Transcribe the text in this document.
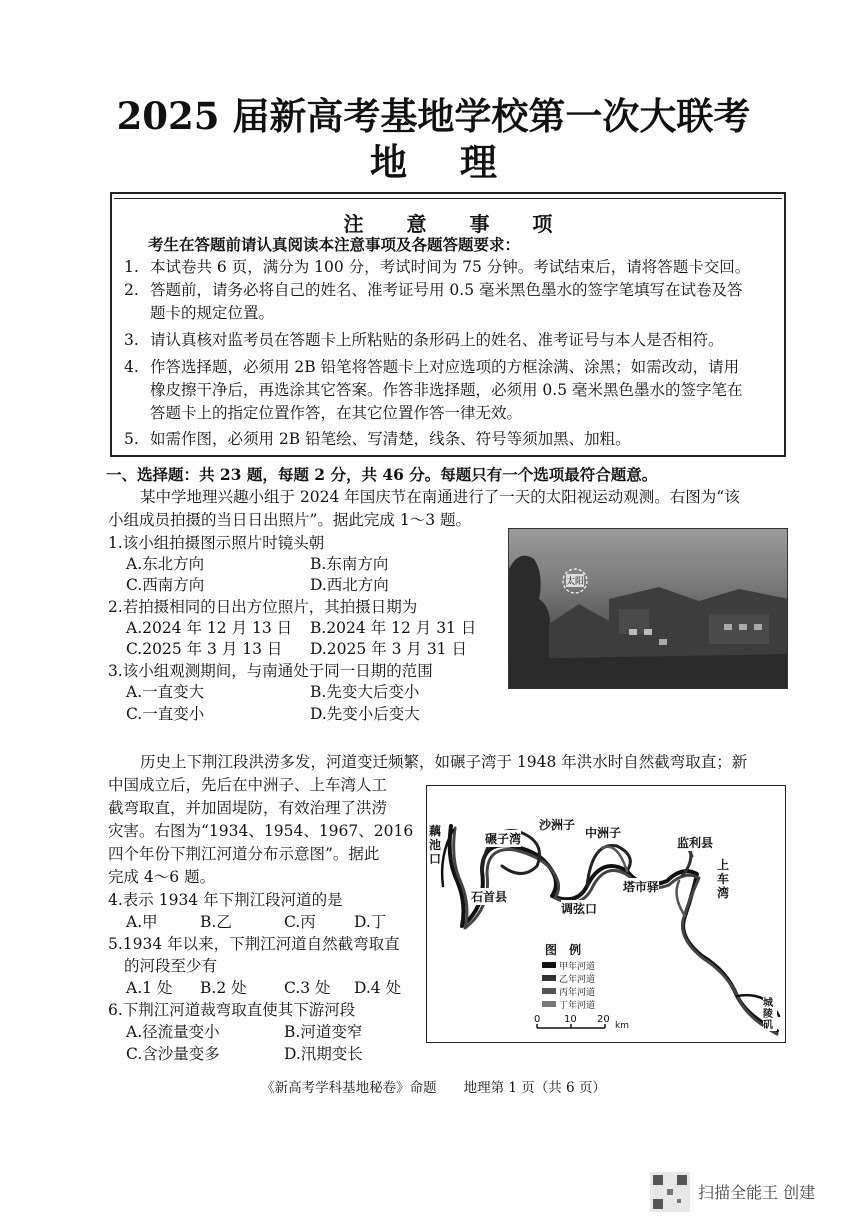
2025 届新高考基地学校第一次大联考
地 理
注 意 事 项
考生在答题前请认真阅读本注意事项及各题答题要求：
1. 本试卷共 6 页，满分为 100 分，考试时间为 75 分钟。考试结束后，请将答题卡交回。
2. 答题前，请务必将自己的姓名、准考证号用 0.5 毫米黑色墨水的签字笔填写在试卷及答
题卡的规定位置。
3. 请认真核对监考员在答题卡上所粘贴的条形码上的姓名、准考证号与本人是否相符。
4. 作答选择题，必须用 2B 铅笔将答题卡上对应选项的方框涂满、涂黑；如需改动，请用
橡皮擦干净后，再选涂其它答案。作答非选择题，必须用 0.5 毫米黑色墨水的签字笔在
答题卡上的指定位置作答，在其它位置作答一律无效。
5. 如需作图，必须用 2B 铅笔绘、写清楚，线条、符号等须加黑、加粗。
一、选择题：共 23 题，每题 2 分，共 46 分。每题只有一个选项最符合题意。
某中学地理兴趣小组于 2024 年国庆节在南通进行了一天的太阳视运动观测。右图为“该
小组成员拍摄的当日日出照片”。据此完成 1～3 题。
1.该小组拍摄图示照片时镜头朝
A.东北方向	B.东南方向
C.西南方向	D.西北方向
2.若拍摄相同的日出方位照片，其拍摄日期为
A.2024 年 12 月 13 日 B.2024 年 12 月 31 日
C.2025 年 3 月 13 日 D.2025 年 3 月 31 日
3.该小组观测期间，与南通处于同一日期的范围
A.一直变大	B.先变大后变小
C.一直变小	D.先变小后变大
太阳
历史上下荆江段洪涝多发，河道变迁频繁，如碾子湾于 1948 年洪水时自然截弯取直；新
中国成立后，先后在中洲子、上车湾人工
截弯取直，并加固堤防，有效治理了洪涝
灾害。右图为“1934、1954、1967、2016
四个年份下荆江河道分布示意图”。据此
完成 4～6 题。
4.表示 1934 年下荆江段河道的是
A.甲	B.乙	C.丙 D.丁
5.1934 年以来，下荆江河道自然截弯取直
的河段至少有
A.1 处 B.2 处 C.3 处 D.4 处
6.下荆江河道裁弯取直使其下游河段
A.径流量变小	B.河道变窄
C.含沙量变多	D.汛期变长
藕池口
碾子湾
沙洲子
中洲子
监利县
上车湾
石首县
调弦口
塔市驿
城陵矶
图 例
甲年河道
乙年河道
丙年河道
丁年河道
0 10 20
km
《新高考学科基地秘卷》命题　　地理第 1 页（共 6 页）
扫描全能王 创建
